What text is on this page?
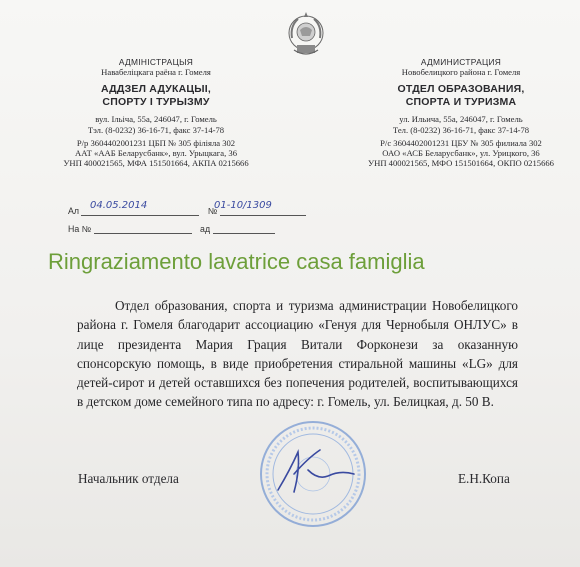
АДМІНІСТРАЦЫЯ
Навабеліцкага раёна г. Гомеля
АДДЗЕЛ АДУКАЦЫІ,
СПОРТУ І ТУРЫЗМУ
вул. Ільіча, 55а, 246047, г. Гомель
Тэл. (8-0232) 36-16-71, факс 37-14-78
Р/р 3604402001231 ЦБП № 305 філіяла 302
ААТ «ААБ Беларусбанк», вул. Урыцкага, 36
УНП 400021565, МФА 151501664, АКПА 0215666
АДМИНИСТРАЦИЯ
Новобелицкого района г. Гомеля
ОТДЕЛ ОБРАЗОВАНИЯ,
СПОРТА И ТУРИЗМА
ул. Ильича, 55а, 246047, г. Гомель
Тел. (8-0232) 36-16-71, факс 37-14-78
Р/с 3604402001231 ЦБУ № 305 филиала 302
ОАО «АСБ Беларусбанк», ул. Урицкого, 36
УНП 400021565, МФО 151501664, ОКПО 0215666
Ал	№
04.05.2014	01-10/1309
На №	ад
Ringraziamento lavatrice casa famiglia
Отдел образования, спорта и туризма администрации Новобелицкого района г. Гомеля благодарит ассоциацию «Генуя для Чернобыля ОНЛУС» в лице президента Мария Грация Витали Форконези за оказанную спонсорскую помощь, в виде приобретения стиральной машины «LG» для детей-сирот и детей оставшихся без попечения родителей, воспитывающихся в детском доме семейного типа по адресу: г. Гомель, ул. Белицкая, д. 50 В.
Начальник отдела	Е.Н.Копа
